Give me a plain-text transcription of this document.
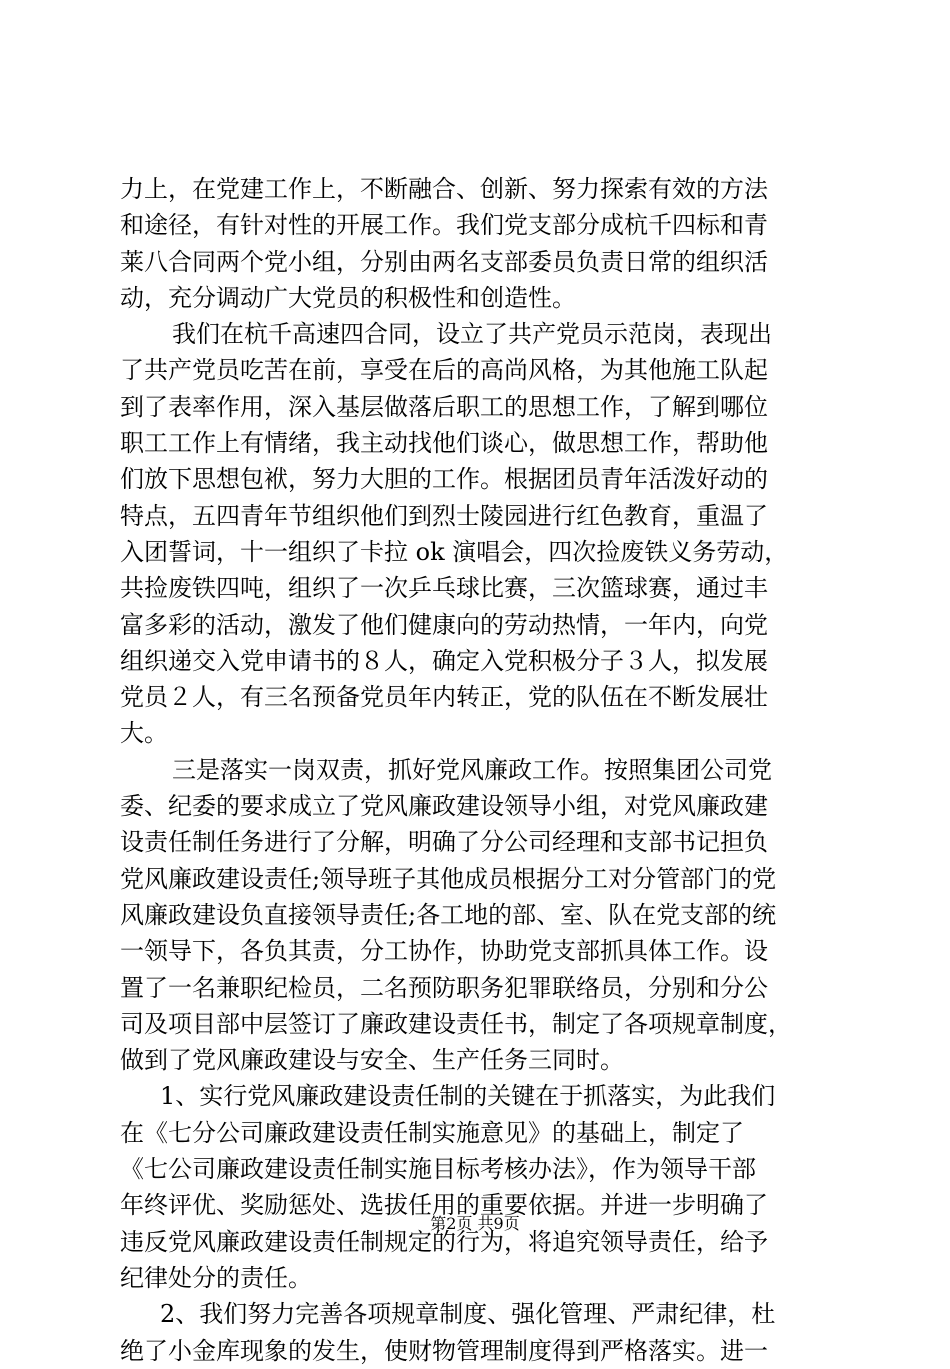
力上，在党建工作上，不断融合、创新、努力探索有效的方法
和途径，有针对性的开展工作。我们党支部分成杭千四标和青
莱八合同两个党小组，分别由两名支部委员负责日常的组织活
动，充分调动广大党员的积极性和创造性。
我们在杭千高速四合同，设立了共产党员示范岗，表现出
了共产党员吃苦在前，享受在后的高尚风格，为其他施工队起
到了表率作用，深入基层做落后职工的思想工作，了解到哪位
职工工作上有情绪，我主动找他们谈心，做思想工作，帮助他
们放下思想包袱，努力大胆的工作。根据团员青年活泼好动的
特点，五四青年节组织他们到烈士陵园进行红色教育，重温了
入团誓词，十一组织了卡拉 ok 演唱会，四次捡废铁义务劳动，
共捡废铁四吨，组织了一次乒乓球比赛，三次篮球赛，通过丰
富多彩的活动，激发了他们健康向的劳动热情，一年内，向党
组织递交入党申请书的８人，确定入党积极分子３人，拟发展
党员２人，有三名预备党员年内转正，党的队伍在不断发展壮
大。
三是落实一岗双责，抓好党风廉政工作。按照集团公司党
委、纪委的要求成立了党风廉政建设领导小组，对党风廉政建
设责任制任务进行了分解，明确了分公司经理和支部书记担负
党风廉政建设责任;领导班子其他成员根据分工对分管部门的党
风廉政建设负直接领导责任;各工地的部、室、队在党支部的统
一领导下，各负其责，分工协作，协助党支部抓具体工作。设
置了一名兼职纪检员，二名预防职务犯罪联络员，分别和分公
司及项目部中层签订了廉政建设责任书，制定了各项规章制度，
做到了党风廉政建设与安全、生产任务三同时。
1、实行党风廉政建设责任制的关键在于抓落实，为此我们
在《七分公司廉政建设责任制实施意见》的基础上，制定了
《七公司廉政建设责任制实施目标考核办法》，作为领导干部
年终评优、奖励惩处、选拔任用的重要依据。并进一步明确了
违反党风廉政建设责任制规定的行为，将追究领导责任，给予
纪律处分的责任。
2、我们努力完善各项规章制度、强化管理、严肃纪律，杜
绝了小金库现象的发生，使财物管理制度得到严格落实。进一
第2页 共9页
